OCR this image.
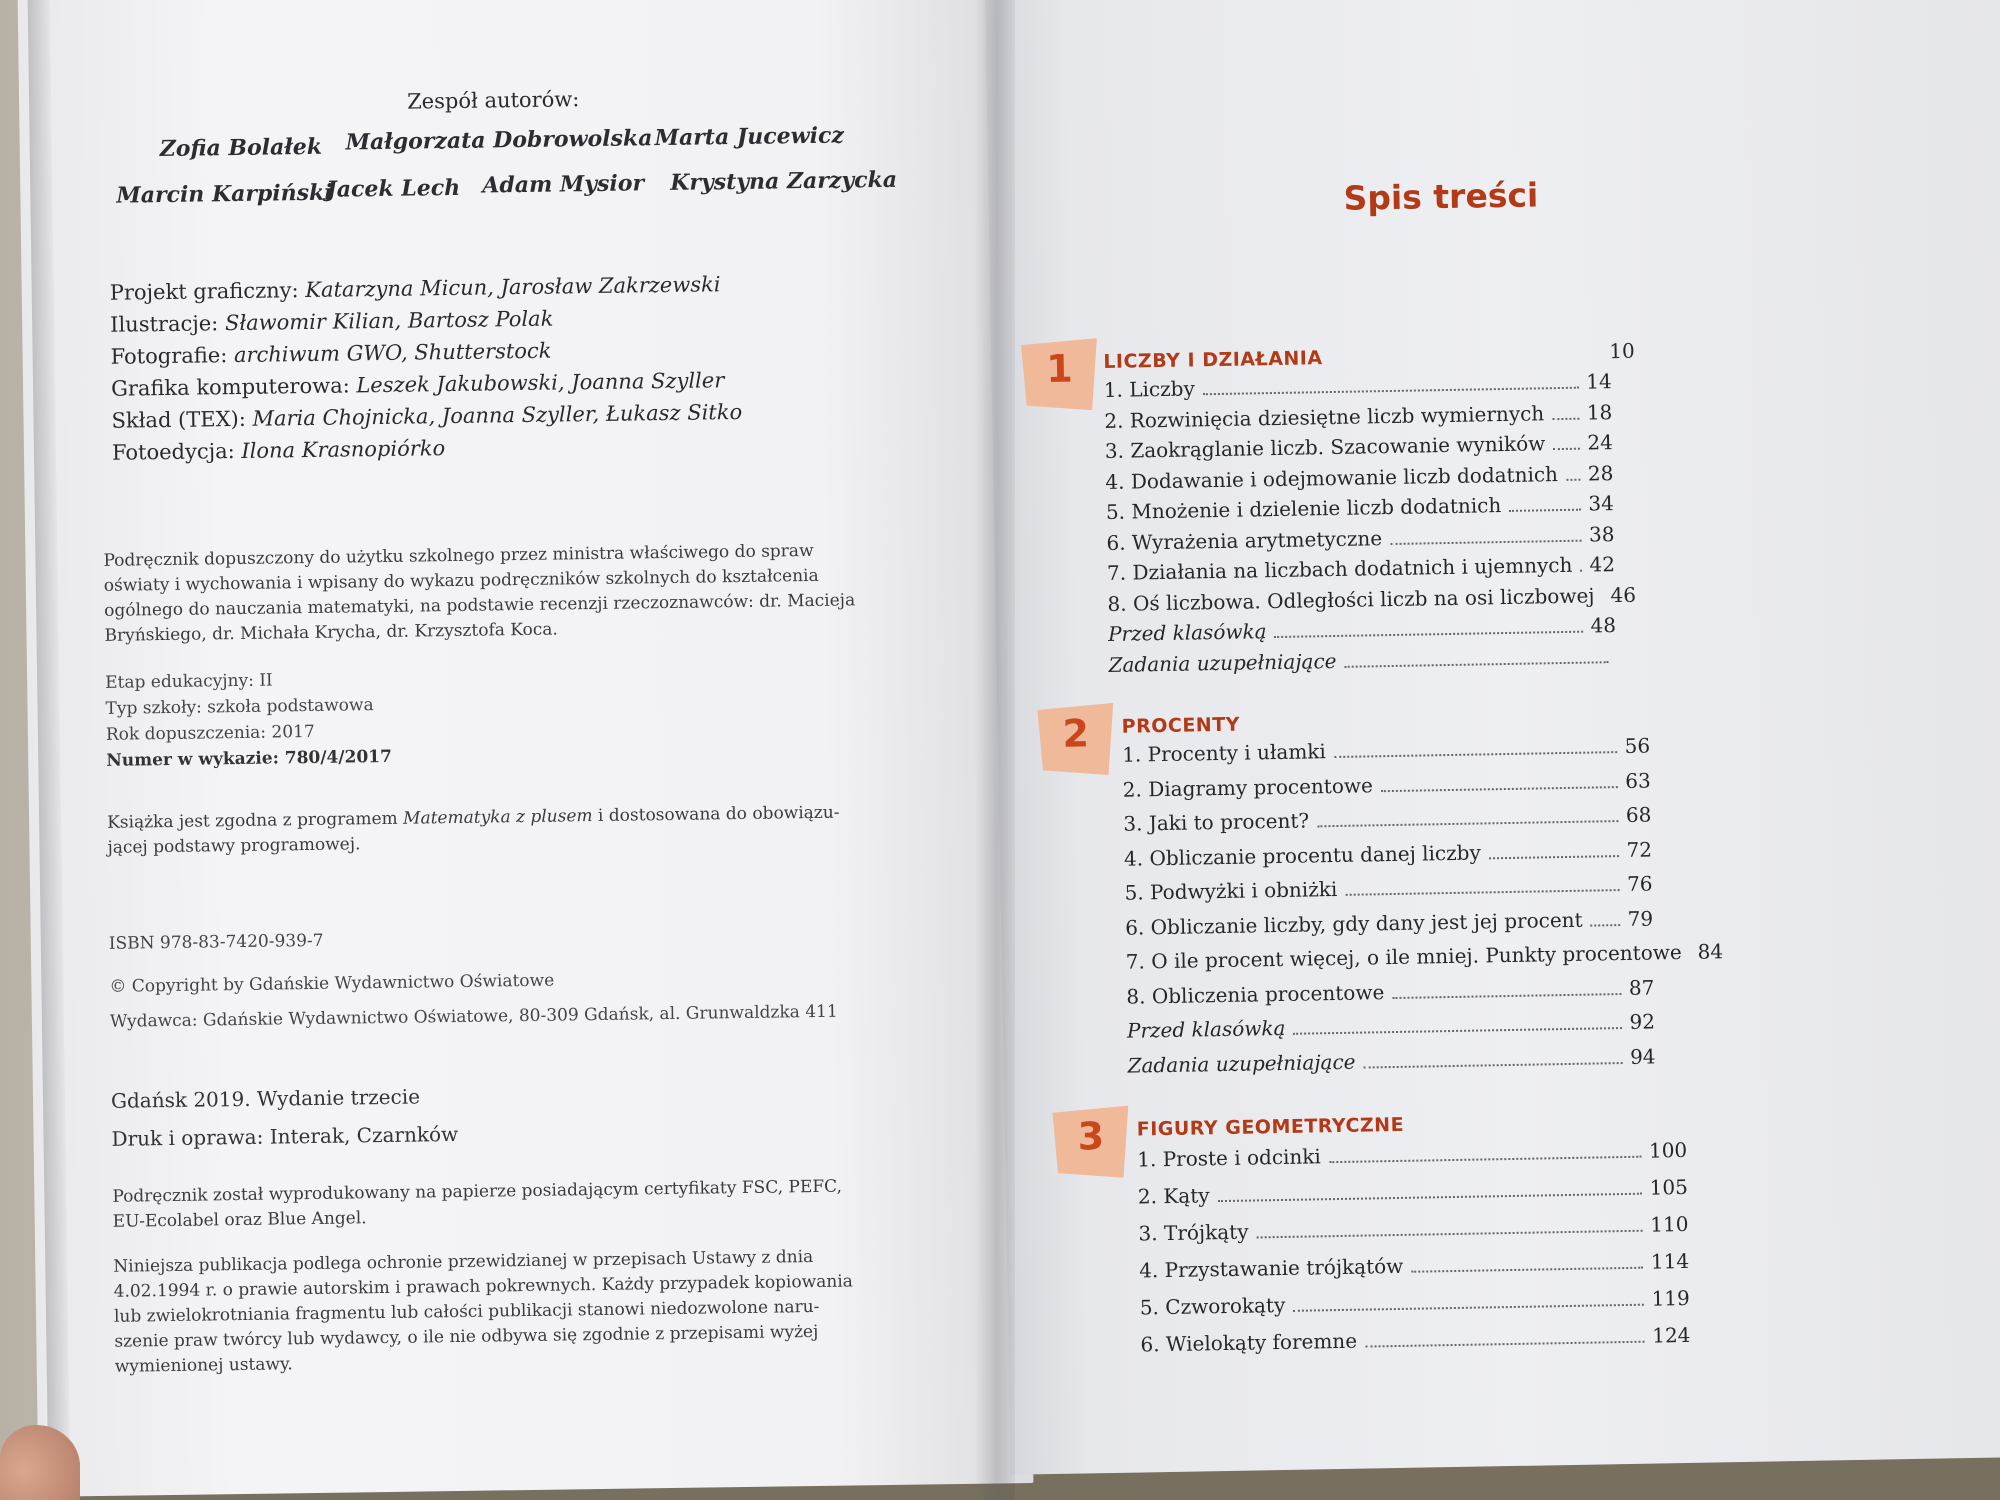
Zespół autorów:
Zofia Bolałek Małgorzata Dobrowolska Marta Jucewicz
Marcin Karpiński
Jacek Lech Adam Mysior Krystyna Zarzycka
Projekt graficzny: Katarzyna Micun, Jarosław Zakrzewski
Ilustracje: Sławomir Kilian, Bartosz Polak
Fotografie: archiwum GWO, Shutterstock
Grafika komputerowa: Leszek Jakubowski, Joanna Szyller
Skład (TEX): Maria Chojnicka, Joanna Szyller, Łukasz Sitko
Fotoedycja: Ilona Krasnopiórko
Podręcznik dopuszczony do użytku szkolnego przez ministra właściwego do spraw
oświaty i wychowania i wpisany do wykazu podręczników szkolnych do kształcenia
ogólnego do nauczania matematyki, na podstawie recenzji rzeczoznawców: dr. Macieja
Bryńskiego, dr. Michała Krycha, dr. Krzysztofa Koca.
Etap edukacyjny: II
Typ szkoły: szkoła podstawowa
Rok dopuszczenia: 2017
Numer w wykazie: 780/4/2017
Książka jest zgodna z programem Matematyka z plusem i dostosowana do obowiązu-
jącej podstawy programowej.
ISBN 978-83-7420-939-7
© Copyright by Gdańskie Wydawnictwo Oświatowe
Wydawca: Gdańskie Wydawnictwo Oświatowe, 80-309 Gdańsk, al. Grunwaldzka 411
Gdańsk 2019. Wydanie trzecie
Druk i oprawa: Interak, Czarnków
Podręcznik został wyprodukowany na papierze posiadającym certyfikaty FSC, PEFC,
EU-Ecolabel oraz Blue Angel.
Niniejsza publikacja podlega ochronie przewidzianej w przepisach Ustawy z dnia
4.02.1994 r. o prawie autorskim i prawach pokrewnych. Każdy przypadek kopiowania
lub zwielokrotniania fragmentu lub całości publikacji stanowi niedozwolone naru-
szenie praw twórcy lub wydawcy, o ile nie odbywa się zgodnie z przepisami wyżej
wymienionej ustawy.
Spis treści
1	LICZBY I DZIAŁANIA	10
1. Liczby	14
2. Rozwinięcia dziesiętne liczb wymiernych 18
3. Zaokrąglanie liczb. Szacowanie wyników 24
4. Dodawanie i odejmowanie liczb dodatnich 28
5. Mnożenie i dzielenie liczb dodatnich	34
6. Wyrażenia arytmetyczne	38
7. Działania na liczbach dodatnich i ujemnych 42
8. Oś liczbowa. Odległości liczb na osi liczbowej 46
Przed klasówką	48
Zadania uzupełniające
2	PROCENTY
1. Procenty i ułamki	56
2. Diagramy procentowe	63
3. Jaki to procent?	68
4. Obliczanie procentu danej liczby	72
5. Podwyżki i obniżki	76
6. Obliczanie liczby, gdy dany jest jej procent 79
7. O ile procent więcej, o ile mniej. Punkty procentowe 84
8. Obliczenia procentowe	87
Przed klasówką	92
Zadania uzupełniające	94
3	FIGURY GEOMETRYCZNE
1. Proste i odcinki	100
2. Kąty	105
3. Trójkąty	110
4. Przystawanie trójkątów	114
5. Czworokąty	119
6. Wielokąty foremne	124
